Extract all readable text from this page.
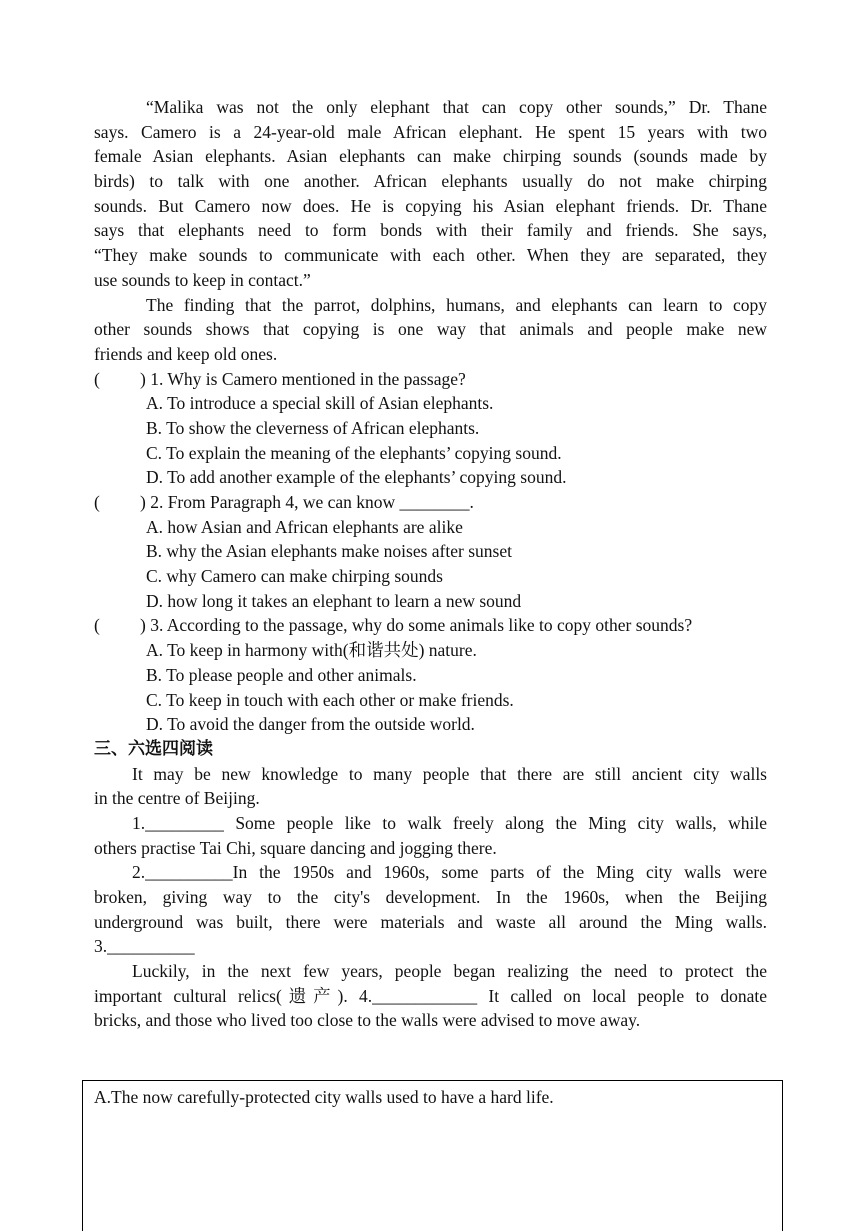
“Malika was not the only elephant that can copy other sounds,” Dr. Thane
says. Camero is a 24-year-old male African elephant. He spent 15 years with two
female Asian elephants. Asian elephants can make chirping sounds (sounds made by
birds) to talk with one another. African elephants usually do not make chirping
sounds. But Camero now does. He is copying his Asian elephant friends. Dr. Thane
says that elephants need to form bonds with their family and friends. She says,
“They make sounds to communicate with each other. When they are separated, they
use sounds to keep in contact.”
The finding that the parrot, dolphins, humans, and elephants can learn to copy
other sounds shows that copying is one way that animals and people make new
friends and keep old ones.
( ) 1. Why is Camero mentioned in the passage?
A. To introduce a special skill of Asian elephants.
B. To show the cleverness of African elephants.
C. To explain the meaning of the elephants’ copying sound.
D. To add another example of the elephants’ copying sound.
( ) 2. From Paragraph 4, we can know ________.
A. how Asian and African elephants are alike
B. why the Asian elephants make noises after sunset
C. why Camero can make chirping sounds
D. how long it takes an elephant to learn a new sound
( ) 3. According to the passage, why do some animals like to copy other sounds?
A. To keep in harmony with(和谐共处) nature.
B. To please people and other animals.
C. To keep in touch with each other or make friends.
D. To avoid the danger from the outside world.
三、六选四阅读
It may be new knowledge to many people that there are still ancient city walls
in the centre of Beijing.
1._________ Some people like to walk freely along the Ming city walls, while
others practise Tai Chi, square dancing and jogging there.
2.__________In the 1950s and 1960s, some parts of the Ming city walls were
broken, giving way to the city's development. In the 1960s, when the Beijing
underground was built, there were materials and waste all around the Ming walls.
3.__________
Luckily, in the next few years, people began realizing the need to protect the
important cultural relics(遗产). 4.____________ It called on local people to donate
bricks, and those who lived too close to the walls were advised to move away.
A.The now carefully-protected city walls used to have a hard life.
